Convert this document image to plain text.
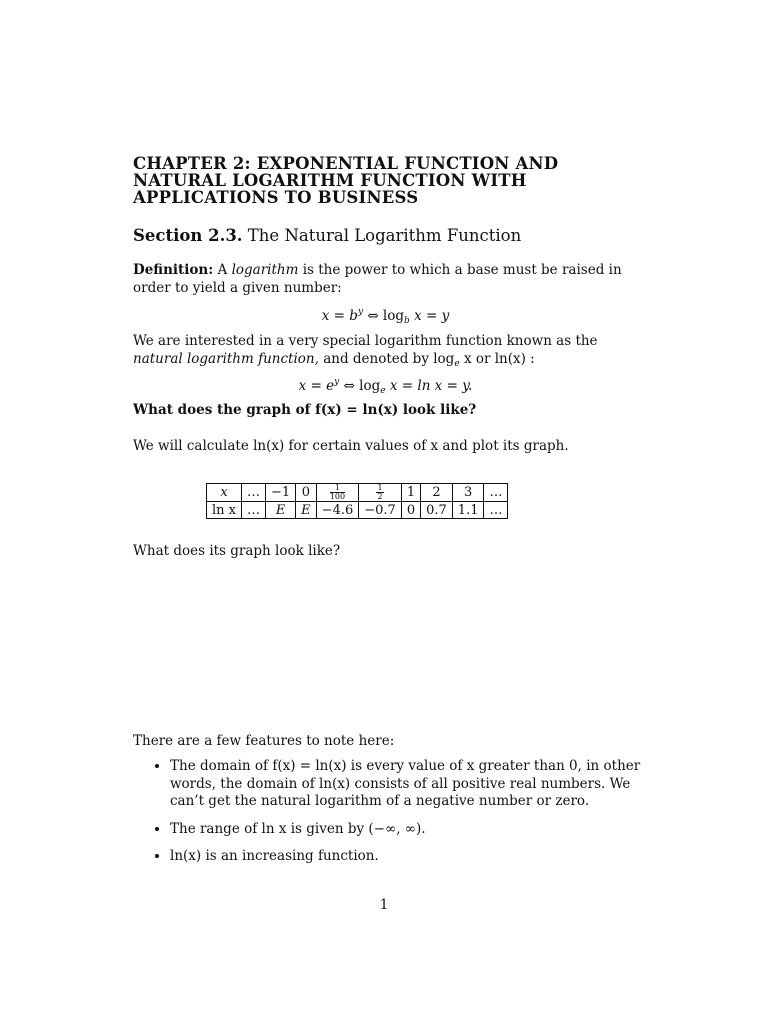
CHAPTER 2: EXPONENTIAL FUNCTION AND NATURAL LOGARITHM FUNCTION WITH APPLICATIONS TO BUSINESS
Section 2.3. The Natural Logarithm Function
Definition: A logarithm is the power to which a base must be raised in order to yield a given number:
$x = b^y$ ⇔ $\log_b x = y$
We are interested in a very special logarithm function known as the natural logarithm function, and denoted by $\log_e x$ or ln(x) :
$x = e^y$ ⇔ $\log_e x = \ln x = y$.
What does the graph of f(x) = ln(x) look like?
We will calculate ln(x) for certain values of x and plot its graph.
x	…	−1	0	$\frac{1}{100}$	$\frac{1}{2}$	1	2	3	…
ln x	…	E	E	−4.6	−0.7	0	0.7	1.1	…
What does its graph look like?
There are a few features to note here:
• The domain of f(x) = ln(x) is every value of x greater than 0, in other words, the domain of ln(x) consists of all positive real numbers. We can’t get the natural logarithm of a negative number or zero.
• The range of ln x is given by (−∞, ∞).
• ln(x) is an increasing function.
1
